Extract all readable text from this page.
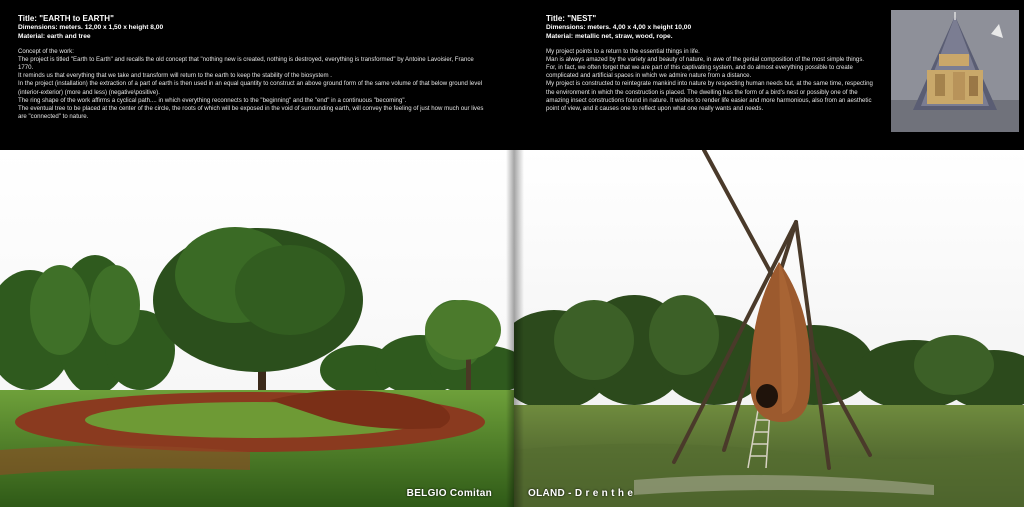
Title: "EARTH to EARTH"
Dimensions: meters. 12,00 x 1,50 x height 8,00
Material: earth and tree

Concept of the work:

The project is titled "Earth to Earth" and recalls the old concept that "nothing new is created, nothing is destroyed, everything is transformed" by Antoine Lavoisier, France 1770.

It reminds us that everything that we take and transform will return to the earth to keep the stability of the biosystem .

In the project (installation) the extraction of a part of earth is then used in an equal quantity to construct an above ground form of the same volume of that below ground level (interior-exterior) (more and less) (negative\positive).

The ring shape of the work affirms a cyclical path.... in which everything reconnects to the "beginning" and the "end" in a continuous "becoming".

The eventual tree to be placed at the center of the circle, the roots of which will be exposed in the void of surrounding earth, will convey the feeling of just how much our lives are "connected" to nature.

BELGIO Comitan
Title: "NEST"
Dimensions: meters. 4,00 x 4,00 x height 10,00
Material: metallic net, straw, wood, rope.

My project points to a return to the essential things in life.

Man is always amazed by the variety and beauty of nature, in awe of the genial composition of the most simple things. For, in fact, we often forget that we are part of this captivating system, and do almost everything possible to create complicated and artificial spaces in which we admire nature from a distance.

My project is constructed to reintegrate mankind into nature by respecting human needs but, at the same time, respecting the environment in which the construction is placed. The dwelling has the form of a bird's nest or possibly one of the amazing insect constructions found in nature. It wishes to render life easier and more harmonious, also from an aesthetic point of view, and it causes one to reflect upon what one really wants and needs.

OLAND - D r e n t h e
